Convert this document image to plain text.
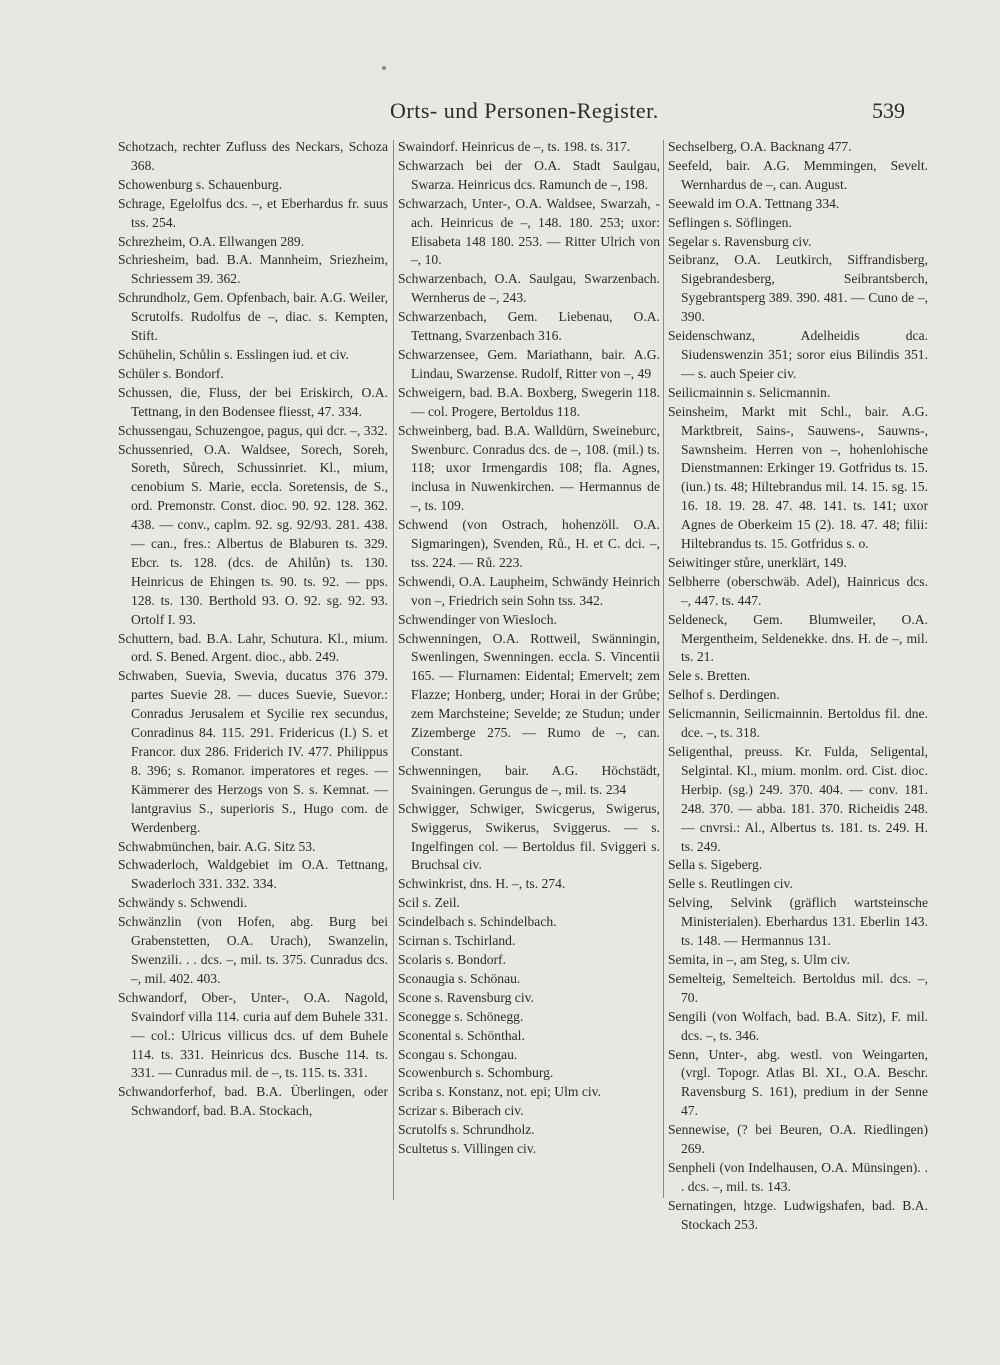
Orts- und Personen-Register.	539
Schotzach, rechter Zufluss des Neckars, Schoza 368.
Schowenburg s. Schauenburg.
Schrage, Egelolfus dcs. –, et Eberhardus fr. suus tss. 254.
Schrezheim, O.A. Ellwangen 289.
Schriesheim, bad. B.A. Mannheim, Sriezheim, Schriessem 39. 362.
Schrundholz, Gem. Opfenbach, bair. A.G. Weiler, Scrutolfs. Rudolfus de –, diac. s. Kempten, Stift.
Schühelin, Schůlin s. Esslingen iud. et civ.
Schüler s. Bondorf.
Schussen, die, Fluss, der bei Eriskirch, O.A. Tettnang, in den Bodensee fliesst, 47. 334.
Schussengau, Schuzengoe, pagus, qui dcr. –, 332.
Schussenried, O.A. Waldsee, Sorech, Soreh, Soreth, Sůrech, Schussinriet. Kl., mium, cenobium S. Marie, eccla. Soretensis, de S., ord. Premonstr. Const. dioc. 90. 92. 128. 362. 438. — conv., caplm. 92. sg. 92/93. 281. 438. — can., fres.: Albertus de Blaburen ts. 329. Ebcr. ts. 128. (dcs. de Ahilůn) ts. 130. Heinricus de Ehingen ts. 90. ts. 92. — pps. 128. ts. 130. Berthold 93. O. 92. sg. 92. 93. Ortolf I. 93.
Schuttern, bad. B.A. Lahr, Schutura. Kl., mium. ord. S. Bened. Argent. dioc., abb. 249.
Schwaben, Suevia, Swevia, ducatus 376 379. partes Suevie 28. — duces Suevie, Suevor.: Conradus Jerusalem et Sycilie rex secundus, Conradinus 84. 115. 291. Fridericus (I.) S. et Francor. dux 286. Friderich IV. 477. Philippus 8. 396; s. Romanor. imperatores et reges. — Kämmerer des Herzogs von S. s. Kemnat. — lantgravius S., superioris S., Hugo com. de Werdenberg.
Schwabmünchen, bair. A.G. Sitz 53.
Schwaderloch, Waldgebiet im O.A. Tettnang, Swaderloch 331. 332. 334.
Schwändy s. Schwendi.
Schwänzlin (von Hofen, abg. Burg bei Grabenstetten, O.A. Urach), Swanzelin, Swenzili. . . dcs. –, mil. ts. 375. Cunradus dcs. –, mil. 402. 403.
Schwandorf, Ober-, Unter-, O.A. Nagold, Svaindorf villa 114. curia auf dem Buhele 331. — col.: Ulricus villicus dcs. uf dem Buhele 114. ts. 331. Heinricus dcs. Busche 114. ts. 331. — Cunradus mil. de –, ts. 115. ts. 331.
Schwandorferhof, bad. B.A. Überlingen, oder Schwandorf, bad. B.A. Stockach,
Swaindorf. Heinricus de –, ts. 198. ts. 317.
Schwarzach bei der O.A. Stadt Saulgau, Swarza. Heinricus dcs. Ramunch de –, 198.
Schwarzach, Unter-, O.A. Waldsee, Swarzah, -ach. Heinricus de –, 148. 180. 253; uxor: Elisabeta 148 180. 253. — Ritter Ulrich von –, 10.
Schwarzenbach, O.A. Saulgau, Swarzenbach. Wernherus de –, 243.
Schwarzenbach, Gem. Liebenau, O.A. Tettnang, Svarzenbach 316.
Schwarzensee, Gem. Mariathann, bair. A.G. Lindau, Swarzense. Rudolf, Ritter von –, 49
Schweigern, bad. B.A. Boxberg, Swegerin 118. — col. Progere, Bertoldus 118.
Schweinberg, bad. B.A. Walldürn, Sweineburc, Swenburc. Conradus dcs. de –, 108. (mil.) ts. 118; uxor Irmengardis 108; fla. Agnes, inclusa in Nuwenkirchen. — Hermannus de –, ts. 109.
Schwend (von Ostrach, hohenzöll. O.A. Sigmaringen), Svenden, Rů., H. et C. dci. –, tss. 224. — Rů. 223.
Schwendi, O.A. Laupheim, Schwändy Heinrich von –, Friedrich sein Sohn tss. 342.
Schwendinger von Wiesloch.
Schwenningen, O.A. Rottweil, Swänningin, Swenlingen, Swenningen. eccla. S. Vincentii 165. — Flurnamen: Eidental; Emervelt; zem Flazze; Honberg, under; Horai in der Grůbe; zem Marchsteine; Sevelde; ze Studun; under Zizemberge 275. — Rumo de –, can. Constant.
Schwenningen, bair. A.G. Höchstädt, Svainingen. Gerungus de –, mil. ts. 234
Schwigger, Schwiger, Swicgerus, Swigerus, Swiggerus, Swikerus, Sviggerus. — s. Ingelfingen col. — Bertoldus fil. Sviggeri s. Bruchsal civ.
Schwinkrist, dns. H. –, ts. 274.
Scil s. Zeil.
Scindelbach s. Schindelbach.
Scirnan s. Tschirland.
Scolaris s. Bondorf.
Sconaugia s. Schönau.
Scone s. Ravensburg civ.
Sconegge s. Schönegg.
Sconental s. Schönthal.
Scongau s. Schongau.
Scowenburch s. Schomburg.
Scriba s. Konstanz, not. epi; Ulm civ.
Scrizar s. Biberach civ.
Scrutolfs s. Schrundholz.
Scultetus s. Villingen civ.
Sechselberg, O.A. Backnang 477.
Seefeld, bair. A.G. Memmingen, Sevelt. Wernhardus de –, can. August.
Seewald im O.A. Tettnang 334.
Seflingen s. Söflingen.
Segelar s. Ravensburg civ.
Seibranz, O.A. Leutkirch, Siffrandisberg, Sigebrandesberg, Seibrantsberch, Sygebrantsperg 389. 390. 481. — Cuno de –, 390.
Seidenschwanz, Adelheidis dca. Siudenswenzin 351; soror eius Bilindis 351. — s. auch Speier civ.
Seilicmainnin s. Selicmannin.
Seinsheim, Markt mit Schl., bair. A.G. Marktbreit, Sains-, Sauwens-, Sauwns-, Sawnsheim. Herren von –, hohenlohische Dienstmannen: Erkinger 19. Gotfridus ts. 15. (iun.) ts. 48; Hiltebrandus mil. 14. 15. sg. 15. 16. 18. 19. 28. 47. 48. 141. ts. 141; uxor Agnes de Oberkeim 15 (2). 18. 47. 48; filii: Hiltebrandus ts. 15. Gotfridus s. o.
Seiwitinger stůre, unerklärt, 149.
Selbherre (oberschwäb. Adel), Hainricus dcs. –, 447. ts. 447.
Seldeneck, Gem. Blumweiler, O.A. Mergentheim, Seldenekke. dns. H. de –, mil. ts. 21.
Sele s. Bretten.
Selhof s. Derdingen.
Selicmannin, Seilicmainnin. Bertoldus fil. dne. dce. –, ts. 318.
Seligenthal, preuss. Kr. Fulda, Seligental, Selgintal. Kl., mium. monlm. ord. Cist. dioc. Herbip. (sg.) 249. 370. 404. — conv. 181. 248. 370. — abba. 181. 370. Richeidis 248. — cnvrsi.: Al., Albertus ts. 181. ts. 249. H. ts. 249.
Sella s. Sigeberg.
Selle s. Reutlingen civ.
Selving, Selvink (gräflich wartsteinsche Ministerialen). Eberhardus 131. Eberlin 143. ts. 148. — Hermannus 131.
Semita, in –, am Steg, s. Ulm civ.
Semelteig, Semelteich. Bertoldus mil. dcs. –, 70.
Sengili (von Wolfach, bad. B.A. Sitz), F. mil. dcs. –, ts. 346.
Senn, Unter-, abg. westl. von Weingarten, (vrgl. Topogr. Atlas Bl. XI., O.A. Beschr. Ravensburg S. 161), predium in der Senne 47.
Sennewise, (? bei Beuren, O.A. Riedlingen) 269.
Senpheli (von Indelhausen, O.A. Münsingen). . . dcs. –, mil. ts. 143.
Sernatingen, htzge. Ludwigshafen, bad. B.A. Stockach 253.
